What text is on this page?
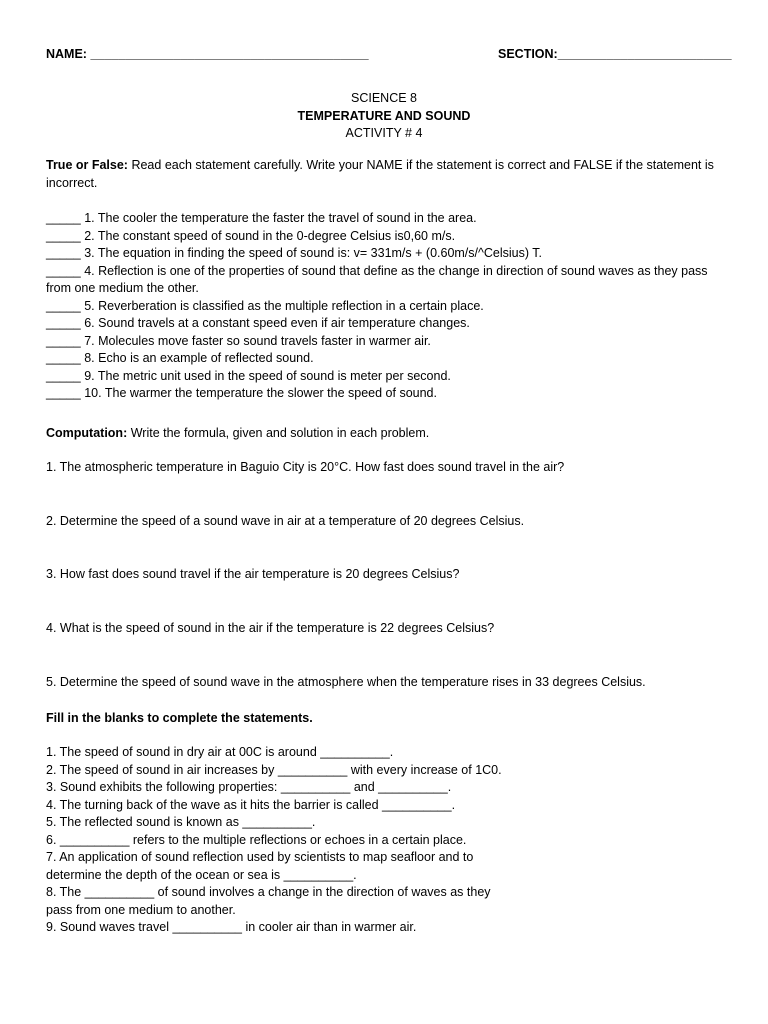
NAME: ________________________________________	SECTION:_________________________
SCIENCE 8
TEMPERATURE AND SOUND
ACTIVITY # 4
True or False: Read each statement carefully. Write your NAME if the statement is correct and FALSE if the statement is incorrect.
_____ 1. The cooler the temperature the faster the travel of sound in the area.
_____ 2. The constant speed of sound in the 0-degree Celsius is0,60 m/s.
_____ 3. The equation in finding the speed of sound is: v= 331m/s + (0.60m/s/^Celsius) T.
_____ 4. Reflection is one of the properties of sound that define as the change in direction of sound waves as they pass from one medium the other.
_____ 5. Reverberation is classified as the multiple reflection in a certain place.
_____ 6. Sound travels at a constant speed even if air temperature changes.
_____ 7. Molecules move faster so sound travels faster in warmer air.
_____ 8. Echo is an example of reflected sound.
_____ 9. The metric unit used in the speed of sound is meter per second.
_____ 10. The warmer the temperature the slower the speed of sound.
Computation: Write the formula, given and solution in each problem.
1. The atmospheric temperature in Baguio City is 20°C. How fast does sound travel in the air?
2. Determine the speed of a sound wave in air at a temperature of 20 degrees Celsius.
3. How fast does sound travel if the air temperature is 20 degrees Celsius?
4. What is the speed of sound in the air if the temperature is 22 degrees Celsius?
5. Determine the speed of sound wave in the atmosphere when the temperature rises in 33 degrees Celsius.
Fill in the blanks to complete the statements.
1. The speed of sound in dry air at 00C is around __________.
2. The speed of sound in air increases by __________ with every increase of 1C0.
3. Sound exhibits the following properties: __________ and __________.
4. The turning back of the wave as it hits the barrier is called __________.
5. The reflected sound is known as __________.
6. __________ refers to the multiple reflections or echoes in a certain place.
7. An application of sound reflection used by scientists to map seafloor and to
determine the depth of the ocean or sea is __________.
8. The __________ of sound involves a change in the direction of waves as they
pass from one medium to another.
9. Sound waves travel __________ in cooler air than in warmer air.
